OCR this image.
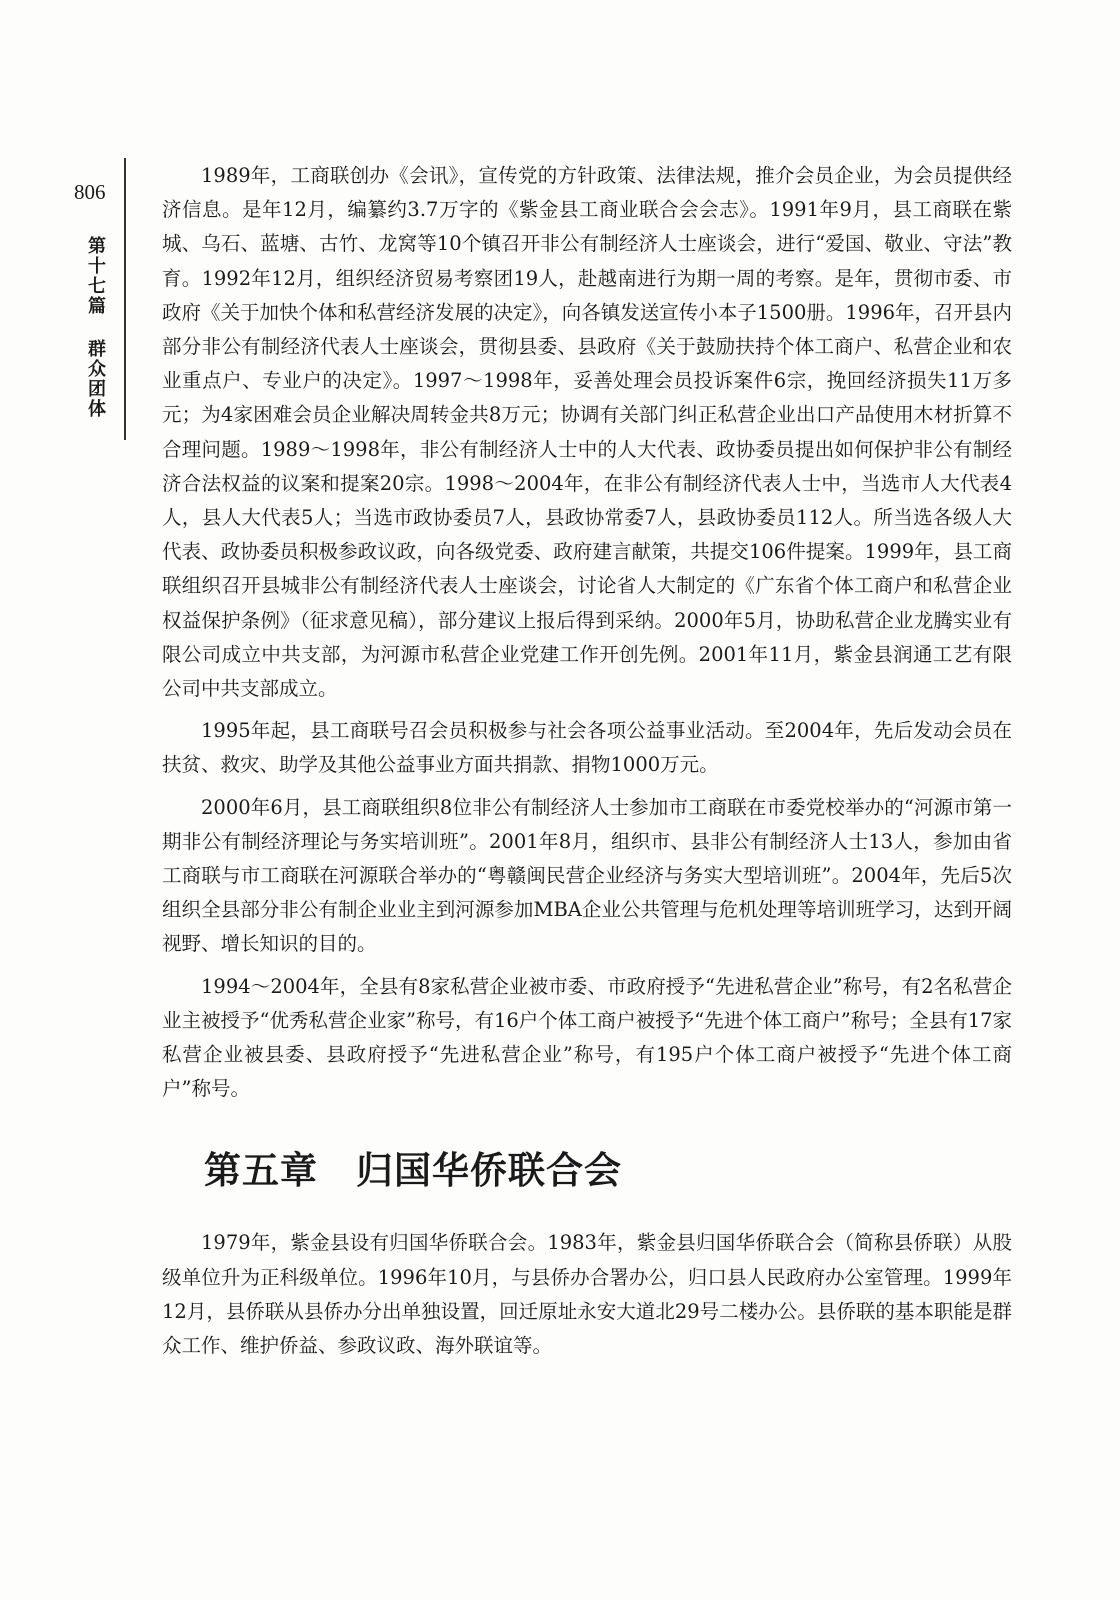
806
第十七篇 群众团体

1989年，工商联创办《会讯》，宣传党的方针政策、法律法规，推介会员企业，为会员提供经济信息。是年12月，编纂约3.7万字的《紫金县工商业联合会会志》。1991年9月，县工商联在紫城、乌石、蓝塘、古竹、龙窝等10个镇召开非公有制经济人士座谈会，进行“爱国、敬业、守法”教育。1992年12月，组织经济贸易考察团19人，赴越南进行为期一周的考察。是年，贯彻市委、市政府《关于加快个体和私营经济发展的决定》，向各镇发送宣传小本子1500册。1996年，召开县内部分非公有制经济代表人士座谈会，贯彻县委、县政府《关于鼓励扶持个体工商户、私营企业和农业重点户、专业户的决定》。1997～1998年，妥善处理会员投诉案件6宗，挽回经济损失11万多元；为4家困难会员企业解决周转金共8万元；协调有关部门纠正私营企业出口产品使用木材折算不合理问题。1989～1998年，非公有制经济人士中的人大代表、政协委员提出如何保护非公有制经济合法权益的议案和提案20宗。1998～2004年，在非公有制经济代表人士中，当选市人大代表4人，县人大代表5人；当选市政协委员7人，县政协常委7人，县政协委员112人。所当选各级人大代表、政协委员积极参政议政，向各级党委、政府建言献策，共提交106件提案。1999年，县工商联组织召开县城非公有制经济代表人士座谈会，讨论省人大制定的《广东省个体工商户和私营企业权益保护条例》（征求意见稿），部分建议上报后得到采纳。2000年5月，协助私营企业龙腾实业有限公司成立中共支部，为河源市私营企业党建工作开创先例。2001年11月，紫金县润通工艺有限公司中共支部成立。

1995年起，县工商联号召会员积极参与社会各项公益事业活动。至2004年，先后发动会员在扶贫、救灾、助学及其他公益事业方面共捐款、捐物1000万元。

2000年6月，县工商联组织8位非公有制经济人士参加市工商联在市委党校举办的“河源市第一期非公有制经济理论与务实培训班”。2001年8月，组织市、县非公有制经济人士13人，参加由省工商联与市工商联在河源联合举办的“粤赣闽民营企业经济与务实大型培训班”。2004年，先后5次组织全县部分非公有制企业业主到河源参加MBA企业公共管理与危机处理等培训班学习，达到开阔视野、增长知识的目的。

1994～2004年，全县有8家私营企业被市委、市政府授予“先进私营企业”称号，有2名私营企业主被授予“优秀私营企业家”称号，有16户个体工商户被授予“先进个体工商户”称号；全县有17家私营企业被县委、县政府授予“先进私营企业”称号，有195户个体工商户被授予“先进个体工商户”称号。

第五章　归国华侨联合会

1979年，紫金县设有归国华侨联合会。1983年，紫金县归国华侨联合会（简称县侨联）从股级单位升为正科级单位。1996年10月，与县侨办合署办公，归口县人民政府办公室管理。1999年12月，县侨联从县侨办分出单独设置，回迁原址永安大道北29号二楼办公。县侨联的基本职能是群众工作、维护侨益、参政议政、海外联谊等。
